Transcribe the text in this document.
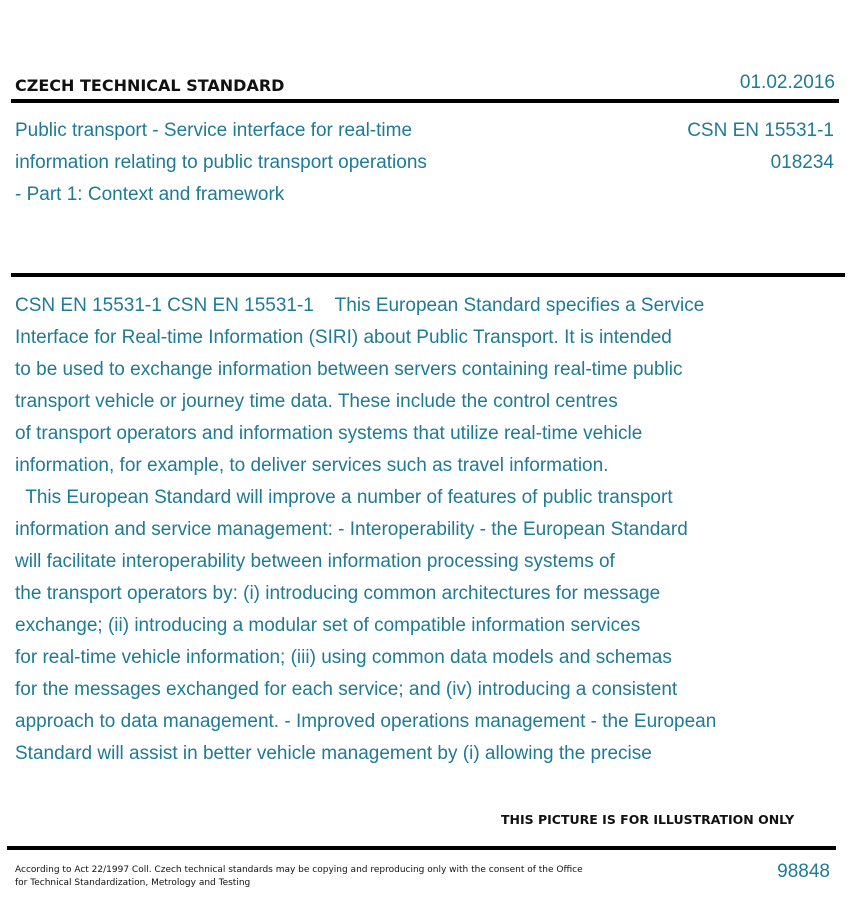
CZECH TECHNICAL STANDARD	01.02.2016
Public transport - Service interface for real-time
information relating to public transport operations
- Part 1: Context and framework
CSN EN 15531-1
018234
CSN EN 15531-1 CSN EN 15531-1    This European Standard specifies a Service
Interface for Real-time Information (SIRI) about Public Transport. It is intended
to be used to exchange information between servers containing real-time public
transport vehicle or journey time data. These include the control centres
of transport operators and information systems that utilize real-time vehicle
information, for example, to deliver services such as travel information.
This European Standard will improve a number of features of public transport
information and service management: - Interoperability - the European Standard
will facilitate interoperability between information processing systems of
the transport operators by: (i) introducing common architectures for message
exchange; (ii) introducing a modular set of compatible information services
for real-time vehicle information; (iii) using common data models and schemas
for the messages exchanged for each service; and (iv) introducing a consistent
approach to data management. - Improved operations management - the European
Standard will assist in better vehicle management by (i) allowing the precise
THIS PICTURE IS FOR ILLUSTRATION ONLY
According to Act 22/1997 Coll. Czech technical standards may be copying and reproducing only with the consent of the Office
for Technical Standardization, Metrology and Testing
98848
